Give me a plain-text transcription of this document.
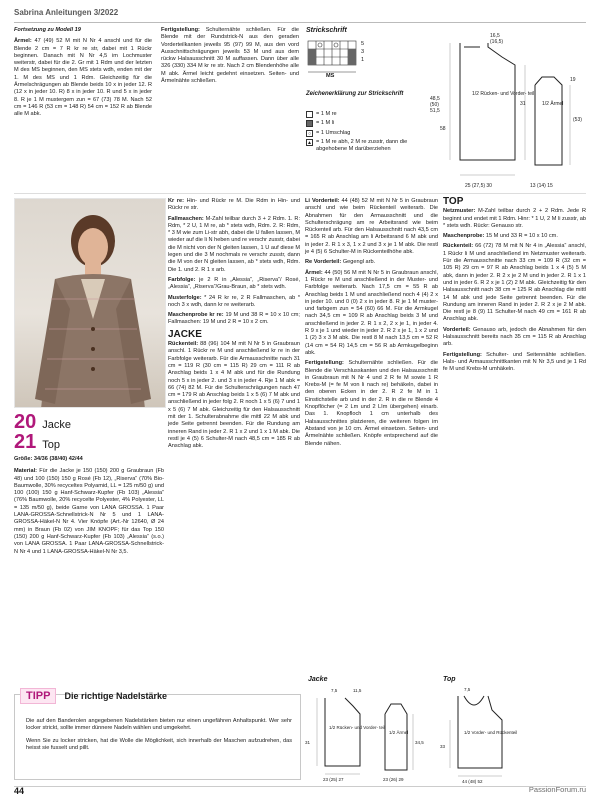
Sabrina Anleitungen 3/2022

Fortsetzung zu Modell 19

Ärmel: 47 (49) 52 M mit N Nr 4 anschl und für die Blende 2 cm = 7 R kr re str, dabei mit 1 Rückr beginnen. Danach mit N Nr 4,5 im Lochmuster weiterstr, dabei für die 2. Gr mit 1 Rdm und der letzten M des MS beginnen, den MS stets wdh, enden mit der 1. M des MS und 1 Rdm. Gleichzeitig für die Ärmelschrägungen ab Blende beids 10 x in jeder 12. R (12 x in jeder 10. R) 8 x in jeder 10. R und 5 x in jeder 8. R je 1 M mustergem zun = 67 (73) 78 M. Nach 52 cm = 146 R (53 cm = 148 R) 54 cm = 152 R ab Blende alle M abk.

Fertigstellung: Schulternähte schließen. Für die Blende mit der Rundstrick-N aus den geraden Vorderteilkanten jeweils 95 (97) 99 M, aus den vord Ausschnittschrägungen jeweils 53 M und aus dem rückw Halsausschnitt 30 M auffassen. Dann über alle 326 (330) 334 M kr re str. Nach 2 cm Blendenhöhe alle M abk. Ärmel leicht gedehnt einsetzen. Seiten- und Ärmelnähte schließen.

Strickschrift
5
3
1
MS
Zeichenerklärung zur Strickschrift
= 1 M re
= 1 M li
○ = 1 Umschlag
▲ = 1 M re abh, 2 M re zusstr, dann die abgehobene M darüberziehen
16,5
(16,5)
48,5
(50)
51,5
58
1/2 Rücken- und Vorder- teil
31
19
1/2 Ärmel
(53)
25 (27,5) 30	13 (14) 15
20 Jacke
21 Top

Größe: 34/36 (38/40) 42/44

Material: Für die Jacke je 150 (150) 200 g Graubraun (Fb 48) und 100 (150) 150 g Rosé (Fb 12), „Riserva“ (70% Bio-Baumwolle, 30% recyceltes Polyamid, LL = 125 m/50 g) und 100 (100) 150 g Hanf-Schwarz-Kupfer (Fb 103) „Alessia“ (76% Baumwolle, 20% recycelte Polyester, 4% Polyester, LL = 135 m/50 g), beide Garne von LANA GROSSA. 1 Paar LANA-GROSSA-Schnellstrick-N Nr 5 und 1 LANA-GROSSA-Häkel-N Nr 4. Vier Knöpfe (Art.-Nr 12640, Ø 24 mm) in Braun (Fb 02) von JIM KNOPF; für das Top 150 (150) 200 g Hanf-Schwarz-Kupfer (Fb 103) „Alessia“ (s.o.) von LANA GROSSA. 1 Paar LANA-GROSSA-Schnellstrick-N Nr 4 und 1 LANA-GROSSA-Häkel-N Nr 3,5.

Kr re: Hin- und Rückr re M. Die Rdm in Hin- und Rückr re str.

Fallmaschen: M-Zahl teilbar durch 3 + 2 Rdm. 1. R: Rdm, * 2 U, 1 M re, ab * stets wdh, Rdm. 2. R: Rdm, * 3 M wie zum Li-str abh, dabei die U fallen lassen, M wieder auf die li N heben und re verschr zusstr, dabei die M nicht von der N gleiten lassen, 1 U auf diese M legen und die 3 M nochmals re verschr zusstr, dann die M von der N gleiten lassen, ab * stets wdh, Rdm. Die 1. und 2. R 1 x arb.

Farbfolge: je 2 R in „Alessia“, „Riserva“/ Rosé, „Alessia“, „Riserva“/Grau-Braun, ab * stets wdh.

Musterfolge: * 24 R kr re, 2 R Fallmaschen, ab * noch 3 x wdh, dann kr re weiterarb.

Maschenprobe kr re: 19 M und 38 R = 10 x 10 cm; Fallmaschen: 19 M und 2 R = 10 x 2 cm.

JACKE

Rückenteil: 88 (96) 104 M mit N Nr 5 in Graubraun anschl. 1 Rückr re M und anschließend kr re in der Farbfolge weiterarb. Für die Armausschnitte nach 31 cm = 119 R (30 cm = 115 R) 29 cm = 111 R ab Anschlag beids 1 x 4 M abk und für die Rundung noch 5 x in jeder 2. und 3 x in jeder 4. Rje 1 M abk = 66 (74) 82 M. Für die Schulterschrägungen nach 47 cm = 179 R ab Anschlag beids 1 x 5 (6) 7 M abk und anschließend in jeder folg 2. R noch 1 x 5 (6) 7 und 1 x 5 (6) 7 M abk. Gleichzeitig für den Halsausschnitt mit der 1. Schulterabnahme die mittl 22 M abk und jede Seite getrennt beenden. Für die Rundung am inneren Rand in jeder 2. R 1 x 2 und 1 x 1 M abk. Die restl je 4 (5) 6 Schulter-M nach 48,5 cm = 185 R ab Anschlag abk.

Li Vorderteil: 44 (48) 52 M mit N Nr 5 in Graubraun anschl und wie beim Rückenteil weiterarb. Die Abnahmen für den Armausschnitt und die Schulterschrägung am re Arbeitsrand wie beim Rückenteil arb. Für den Halsausschnitt nach 43,5 cm = 165 R ab Anschlag am li Arbeitsrand 6 M abk und in jeder 2. R 1 x 3, 1 x 2 und 3 x je 1 M abk. Die restl je 4 (5) 6 Schulter-M in Rückenteilhöhe abk.

Re Vorderteil: Gegengl arb.

Ärmel: 44 (50) 56 M mit N Nr 5 in Graubraun anschl, 1 Rückr re M und anschließend in der Muster- und Farbfolge weiterarb. Nach 17,5 cm = 55 R ab Anschlag beids 1 M und anschließend noch 4 (4) 2 x in jeder 10. und 0 (0) 2 x in jeder 8. R je 1 M muster- und farbgem zun = 54 (60) 66 M. Für die Armkugel nach 34,5 cm = 109 R ab Anschlag beids 3 M und anschließend in jeder 2. R 1 x 2, 2 x je 1, in jeder 4. R 9 x je 1 und wieder in jeder 2. R 2 x je 1, 1 x 2 und 1 (2) 3 x 3 M abk. Die restl 8 M nach 13,5 cm = 52 R (14 cm = 54 R) 14,5 cm = 56 R ab Armkugelbeginn abk.

Fertigstellung: Schulternähte schließen. Für die Blende die Verschlusskanten und den Halsausschnitt in Graubraun mit N Nr 4 und 2 R fe M sowie 1 R Krebs-M (= fe M von li nach re) behäkeln, dabei in den oberen Ecken in der 2. R 2 fe M in 1 Einstichstelle arb und in der 2. R in die re Blende 4 Knopflöcher (= 2 Lm und 2 LIm übergehen) einarb. Das 1. Knopfloch 1 cm unterhalb des Halsausschnittes platzieren, die weiteren folgen im Abstand von je 10 cm. Ärmel einsetzen. Seiten- und Ärmelnähte schließen. Knöpfe entsprechend auf die Blende nähen.

TOP

Netzmuster: M-Zahl teilbar durch 2 + 2 Rdm. Jede R beginnt und endet mit 1 Rdm. Hinr: * 1 U, 2 M li zusstr, ab * stets wdh. Rückr: Genauso str.

Maschenprobe: 15 M und 33 R = 10 x 10 cm.

Rückenteil: 66 (72) 78 M mit N Nr 4 in „Alessia“ anschl, 1 Rückr li M und anschließend im Netzmuster weiterarb. Für die Armausschnitte nach 33 cm = 109 R (32 cm = 105 R) 29 cm = 97 R ab Anschlag beids 1 x 4 (5) 5 M abk, dann in jeder 2. R 2 x je 2 M und in jeder 2. R 1 x 1 und in jeder 6. R 2 x je 1 (2) 2 M abk. Gleichzeitig für den Halsausschnitt nach 38 cm = 125 R ab Anschlag die mittl 14 M abk und jede Seite getrennt beenden. Für die Rundung am inneren Rand in jeder 2. R 2 x je 2 M abk. Die restl je 8 (9) 11 Schulter-M nach 49 cm = 161 R ab Anschlag abk.

Vorderteil: Genauso arb, jedoch die Abnahmen für den Halsausschnitt bereits nach 35 cm = 115 R ab Anschlag arb.

Fertigstellung: Schulter- und Seitennähte schließen. Hals- und Armausschnittkanten mit N Nr 3,5 und je 1 Rd fe M und Krebs-M umhäkeln.

TIPP	Die richtige Nadelstärke

Die auf den Banderolen angegebenen Nadelstärken bieten nur einen ungefähren Anhaltspunkt. Wer sehr locker strickt, sollte immer dünnere Nadeln wählen und umgekehrt.

Wenn Sie zu locker stricken, hat die Wolle die Möglichkeit, sich innerhalb der Maschen aufzudrehen, das heisst sie fusselt und pillt.

Jacke
7,5	11,5
1/2 Rücken- und Vorder- teil
31
1/2 Ärmel
34,5
23 (25) 27	23 (26) 29
Top
7,5
1/2 Vorder- und Rückenteil
33
44 (48) 52
44	PassionForum.ru
